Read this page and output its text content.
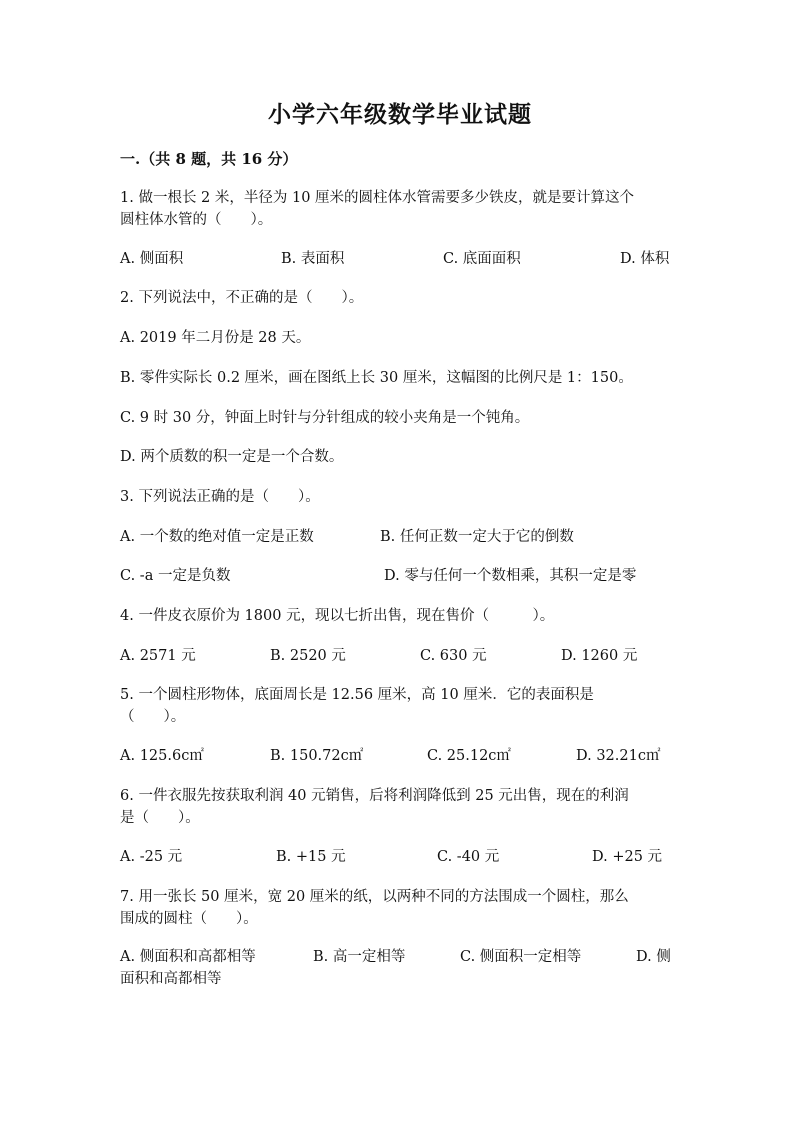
小学六年级数学毕业试题
一.（共 8 题，共 16 分）
1. 做一根长 2 米，半径为 10 厘米的圆柱体水管需要多少铁皮，就是要计算这个
圆柱体水管的（　　）。
A. 侧面积	B. 表面积	C. 底面面积	D. 体积
2. 下列说法中，不正确的是（　　）。
A. 2019 年二月份是 28 天。
B. 零件实际长 0.2 厘米，画在图纸上长 30 厘米，这幅图的比例尺是 1：150。
C. 9 时 30 分，钟面上时针与分针组成的较小夹角是一个钝角。
D. 两个质数的积一定是一个合数。
3. 下列说法正确的是（　　）。
A. 一个数的绝对值一定是正数	B. 任何正数一定大于它的倒数
C. -a 一定是负数	D. 零与任何一个数相乘，其积一定是零
4. 一件皮衣原价为 1800 元，现以七折出售，现在售价（　　　）。
A. 2571 元	B. 2520 元	C. 630 元	D. 1260 元
5. 一个圆柱形物体，底面周长是 12.56 厘米，高 10 厘米．它的表面积是
（　　）。
A. 125.6c㎡	B. 150.72c㎡	C. 25.12c㎡	D. 32.21c㎡
6. 一件衣服先按获取利润 40 元销售，后将利润降低到 25 元出售，现在的利润
是（　　）。
A. -25 元	B. +15 元	C. -40 元	D. +25 元
7. 用一张长 50 厘米，宽 20 厘米的纸，以两种不同的方法围成一个圆柱，那么
围成的圆柱（　　）。
A. 侧面积和高都相等	B. 高一定相等	C. 侧面积一定相等	D. 侧
面积和高都相等
